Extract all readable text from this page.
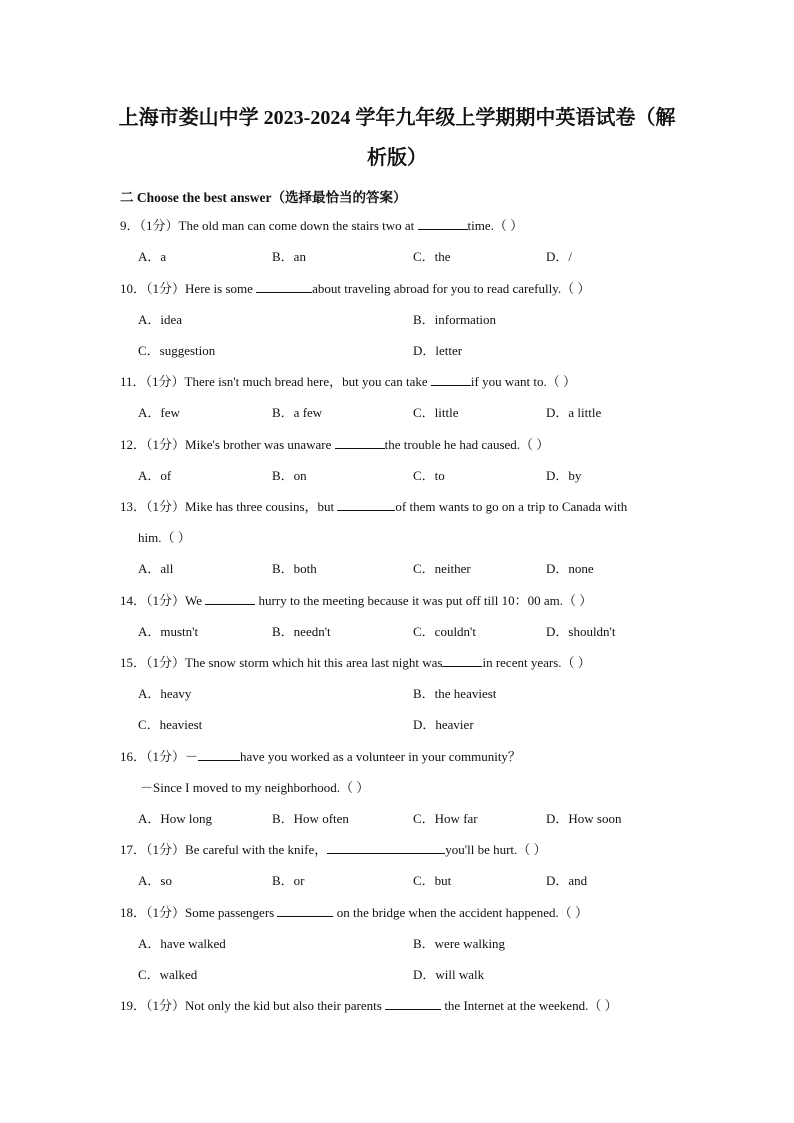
上海市娄山中学 2023-2024 学年九年级上学期期中英语试卷（解
析版）
二 Choose the best answer（选择最恰当的答案）
9．（1分）The old man can come down the stairs two at	time.（ ）
A．a	B．an	C．the	D．/
10．（1分）Here is some	about traveling abroad for you to read carefully.（ ）
A．idea	B．information
C．suggestion	D．letter
11．（1分）There isn't much bread here，but you can take	if you want to.（ ）
A．few	B．a few	C．little	D．a little
12．（1分）Mike's brother was unaware	the trouble he had caused.（ ）
A．of	B．on	C．to	D．by
13．（1分）Mike has three cousins，but	of them wants to go on a trip to Canada with
him.（ ）
A．all	B．both	C．neither	D．none
14．（1分）We	hurry to the meeting because it was put off till 10：00 am.（ ）
A．mustn't	B．needn't	C．couldn't	D．shouldn't
15．（1分）The snow storm which hit this area last night was	in recent years.（ ）
A．heavy	B．the heaviest
C．heaviest	D．heavier
16．（1分）－	have you worked as a volunteer in your community？
－Since I moved to my neighborhood.（ ）
A．How long	B．How often	C．How far	D．How soon
17．（1分）Be careful with the knife，	you'll be hurt.（ ）
A．so	B．or	C．but	D．and
18．（1分）Some passengers	on the bridge when the accident happened.（ ）
A．have walked	B．were walking
C．walked	D．will walk
19．（1分）Not only the kid but also their parents	the Internet at the weekend.（ ）
